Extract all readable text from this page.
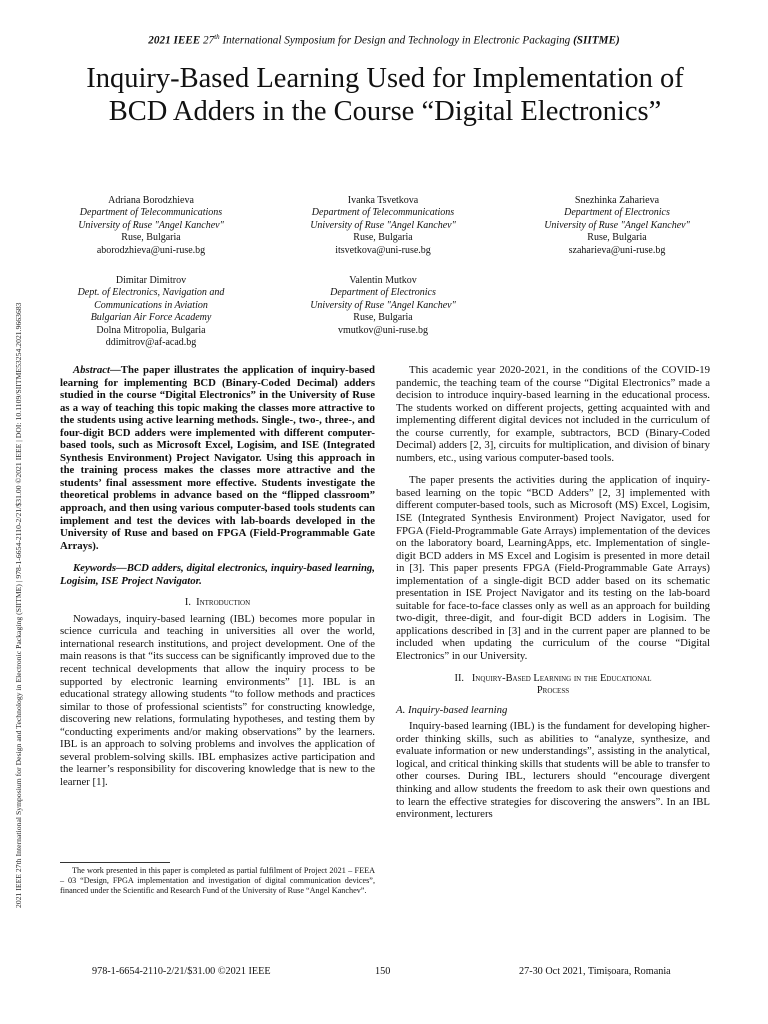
2021 IEEE 27th International Symposium for Design and Technology in Electronic Packaging (SIITME) | 978-1-6654-2110-2/21/$31.00 ©2021 IEEE | DOI: 10.1109/SIITME53254.2021.9663683
2021 IEEE 27th International Symposium for Design and Technology in Electronic Packaging (SIITME)
Inquiry-Based Learning Used for Implementation of
BCD Adders in the Course “Digital Electronics”
Adriana Borodzhieva
Department of Telecommunications
University of Ruse "Angel Kanchev"
Ruse, Bulgaria
aborodzhieva@uni-ruse.bg
Ivanka Tsvetkova
Department of Telecommunications
University of Ruse "Angel Kanchev"
Ruse, Bulgaria
itsvetkova@uni-ruse.bg
Snezhinka Zaharieva
Department of Electronics
University of Ruse "Angel Kanchev"
Ruse, Bulgaria
szaharieva@uni-ruse.bg
Dimitar Dimitrov
Dept. of Electronics, Navigation and
Communications in Aviation
Bulgarian Air Force Academy
Dolna Mitropolia, Bulgaria
ddimitrov@af-acad.bg
Valentin Mutkov
Department of Electronics
University of Ruse "Angel Kanchev"
Ruse, Bulgaria
vmutkov@uni-ruse.bg

Abstract—The paper illustrates the application of inquiry-based learning for implementing BCD (Binary-Coded Decimal) adders studied in the course “Digital Electronics” in the University of Ruse as a way of teaching this topic making the classes more attractive to the students using active learning methods. Single-, two-, three-, and four-digit BCD adders were implemented with different computer-based tools, such as Microsoft Excel, Logisim, and ISE (Integrated Synthesis Environment) Project Navigator. Using this approach in the training process makes the classes more attractive and the students’ final assessment more effective. Students investigate the theoretical problems in advance based on the “flipped classroom” approach, and then using various computer-based tools students can implement and test the devices with lab-boards developed in the University of Ruse and based on FPGA (Field-Programmable Gate Arrays).

Keywords—BCD adders, digital electronics, inquiry-based learning, Logisim, ISE Project Navigator.

I. Introduction

Nowadays, inquiry-based learning (IBL) becomes more popular in science curricula and teaching in universities all over the world, international research institutions, and project development. One of the main reasons is that “its success can be significantly improved due to the recent technical developments that allow the inquiry process to be supported by electronic learning environments” [1]. IBL is an educational strategy allowing students “to follow methods and practices similar to those of professional scientists” for constructing knowledge, discovering new relations, formulating hypotheses, and testing them by “conducting experiments and/or making observations” by the learners. IBL is an approach to solving problems and involves the application of several problem-solving skills. IBL emphasizes active participation and the learner’s responsibility for discovering knowledge that is new to the learner [1].

The work presented in this paper is completed as partial fulfilment of Project 2021 – FEEA – 03 “Design, FPGA implementation and investigation of digital communication devices”, financed under the Scientific and Research Fund of the University of Ruse “Angel Kanchev”.

This academic year 2020-2021, in the conditions of the COVID-19 pandemic, the teaching team of the course “Digital Electronics” made a decision to introduce inquiry-based learning in the educational process. The students worked on different projects, getting acquainted with and implementing different digital devices not included in the curriculum of the course currently, for example, subtractors, BCD (Binary-Coded Decimal) adders [2, 3], circuits for multiplication, and division of binary numbers, etc., using various computer-based tools.

The paper presents the activities during the application of inquiry-based learning on the topic “BCD Adders” [2, 3] implemented with different computer-based tools, such as Microsoft (MS) Excel, Logisim, ISE (Integrated Synthesis Environment) Project Navigator, used for FPGA (Field-Programmable Gate Arrays) implementation of the devices on the laboratory board, LearningApps, etc. Implementation of single-digit BCD adders in MS Excel and Logisim is presented in more detail in [3]. This paper presents FPGA (Field-Programmable Gate Arrays) implementation of a single-digit BCD adder based on its schematic presentation in ISE Project Navigator and its testing on the lab-board suitable for face-to-face classes only as well as an approach for building two-digit, three-digit, and four-digit BCD adders in Logisim. The applications described in [3] and in the current paper are planned to be included when updating the curriculum of the course “Digital Electronics” in our University.

II. Inquiry-Based Learning in the Educational
Process
A. Inquiry-based learning

Inquiry-based learning (IBL) is the fundament for developing higher-order thinking skills, such as abilities to “analyze, synthesize, and evaluate information or new understandings”, assisting in the analytical, logical, and critical thinking skills that students will be able to transfer to other courses. During IBL, lecturers should “encourage divergent thinking and allow students the freedom to ask their own questions and to learn the effective strategies for discovering the answers”. In an IBL environment, lecturers

978-1-6654-2110-2/21/$31.00 ©2021 IEEE	150	27-30 Oct 2021, Timișoara, Romania
